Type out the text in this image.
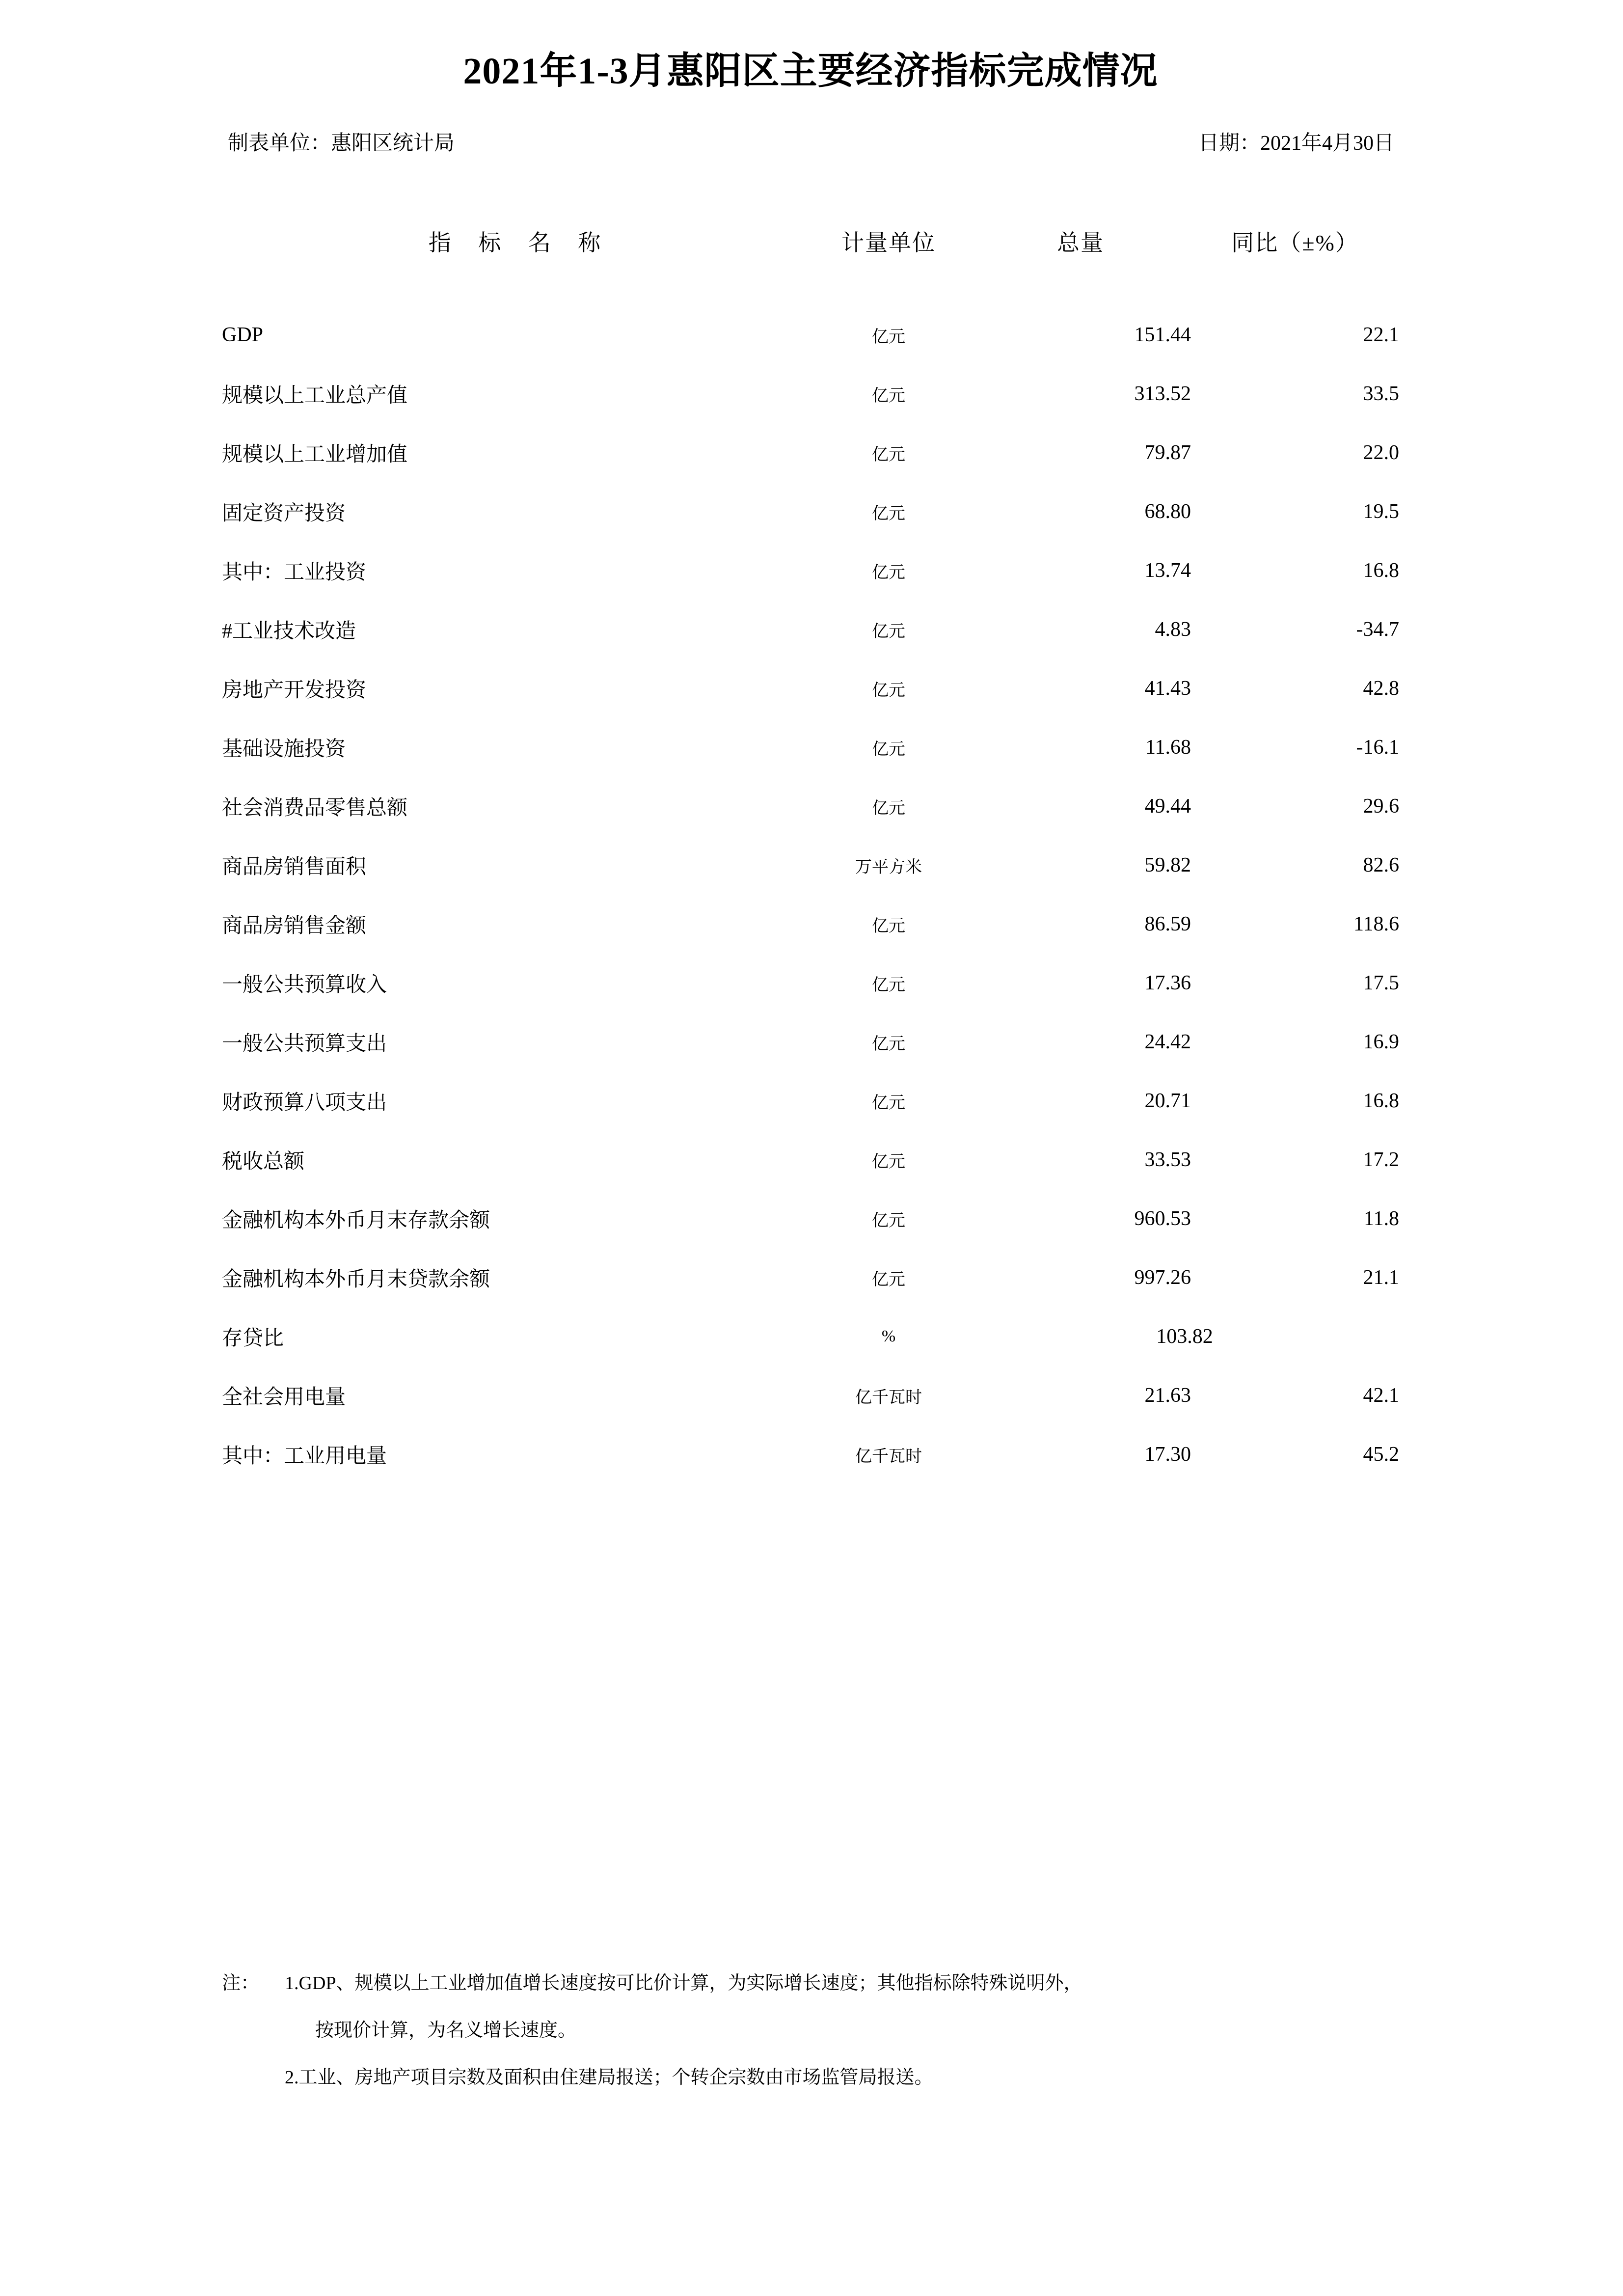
2021年1-3月惠阳区主要经济指标完成情况
制表单位：惠阳区统计局	日期：2021年4月30日
指 标 名 称	计量单位	总量	同比（±%）
GDP	亿元	151.44	22.1
规模以上工业总产值	亿元	313.52	33.5
规模以上工业增加值	亿元	79.87	22.0
固定资产投资	亿元	68.80	19.5
其中：工业投资	亿元	13.74	16.8
#工业技术改造	亿元	4.83	-34.7
房地产开发投资	亿元	41.43	42.8
基础设施投资	亿元	11.68	-16.1
社会消费品零售总额	亿元	49.44	29.6
商品房销售面积	万平方米	59.82	82.6
商品房销售金额	亿元	86.59	118.6
一般公共预算收入	亿元	17.36	17.5
一般公共预算支出	亿元	24.42	16.9
财政预算八项支出	亿元	20.71	16.8
税收总额	亿元	33.53	17.2
金融机构本外币月末存款余额	亿元	960.53	11.8
金融机构本外币月末贷款余额	亿元	997.26	21.1
存贷比	%	103.82	
全社会用电量	亿千瓦时	21.63	42.1
其中：工业用电量	亿千瓦时	17.30	45.2
注： 1.GDP、规模以上工业增加值增长速度按可比价计算，为实际增长速度；其他指标除特殊说明外，
按现价计算，为名义增长速度。
2.工业、房地产项目宗数及面积由住建局报送；个转企宗数由市场监管局报送。
